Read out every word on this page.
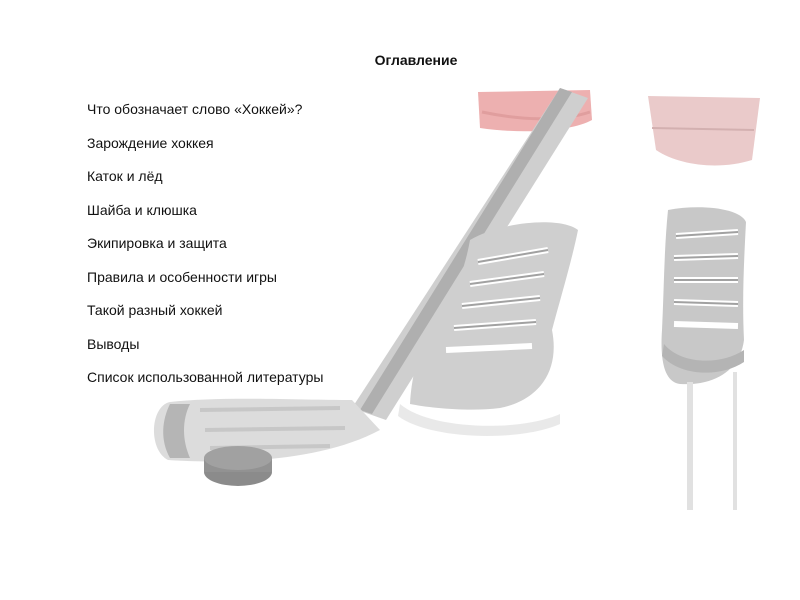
Оглавление
Что обозначает слово «Хоккей»?
Зарождение хоккея
Каток и лёд
Шайба и клюшка
Экипировка и защита
Правила и особенности игры
Такой разный хоккей
Выводы
Список использованной литературы
